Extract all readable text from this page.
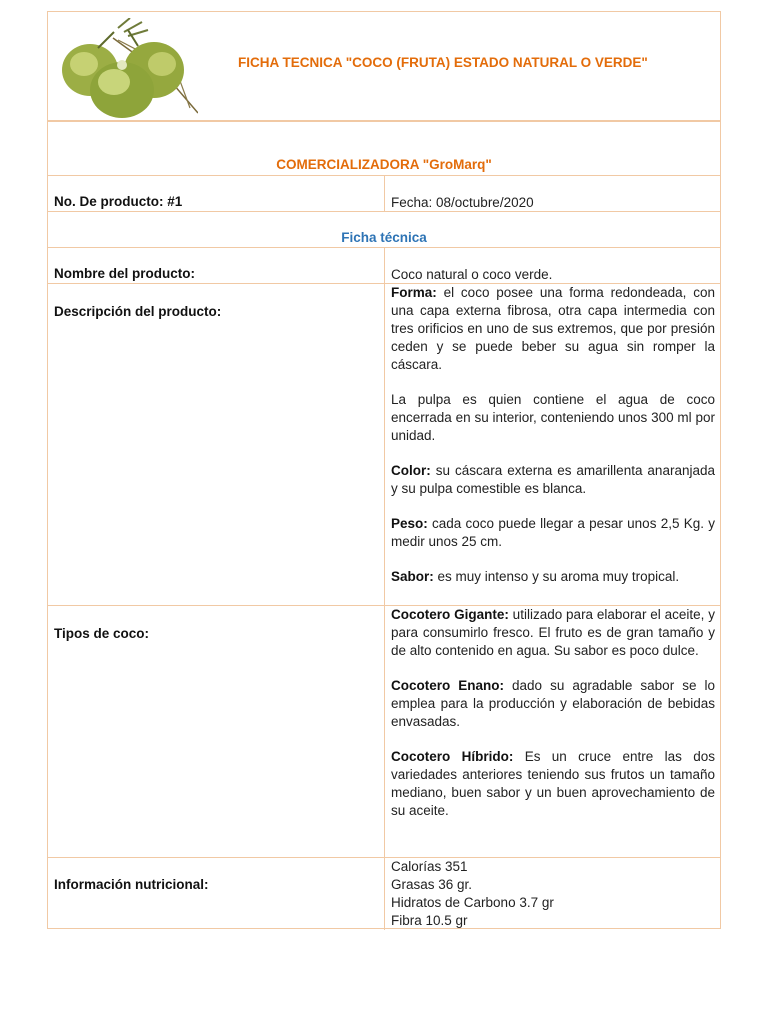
FICHA TECNICA "COCO (FRUTA) ESTADO NATURAL O VERDE"
COMERCIALIZADORA "GroMarq"
No. De producto: #1	Fecha: 08/octubre/2020
Ficha técnica
Nombre del producto:	Coco natural o coco verde.
Descripción del producto:

Forma: el coco posee una forma redondeada, con una capa externa fibrosa, otra capa intermedia con tres orificios en uno de sus extremos, que por presión ceden y se puede beber su agua sin romper la cáscara.

La pulpa es quien contiene el agua de coco encerrada en su interior, conteniendo unos 300 ml por unidad.

Color: su cáscara externa es amarillenta anaranjada y su pulpa comestible es blanca.

Peso: cada coco puede llegar a pesar unos 2,5 Kg. y medir unos 25 cm.

Sabor: es muy intenso y su aroma muy tropical.

Tipos de coco:

Cocotero Gigante: utilizado para elaborar el aceite, y para consumirlo fresco. El fruto es de gran tamaño y de alto contenido en agua. Su sabor es poco dulce.

Cocotero Enano: dado su agradable sabor se lo emplea para la producción y elaboración de bebidas envasadas.

Cocotero Híbrido: Es un cruce entre las dos variedades anteriores teniendo sus frutos un tamaño mediano, buen sabor y un buen aprovechamiento de su aceite.

Información nutricional:
Calorías 351
Grasas 36 gr.
Hidratos de Carbono 3.7 gr
Fibra 10.5 gr
